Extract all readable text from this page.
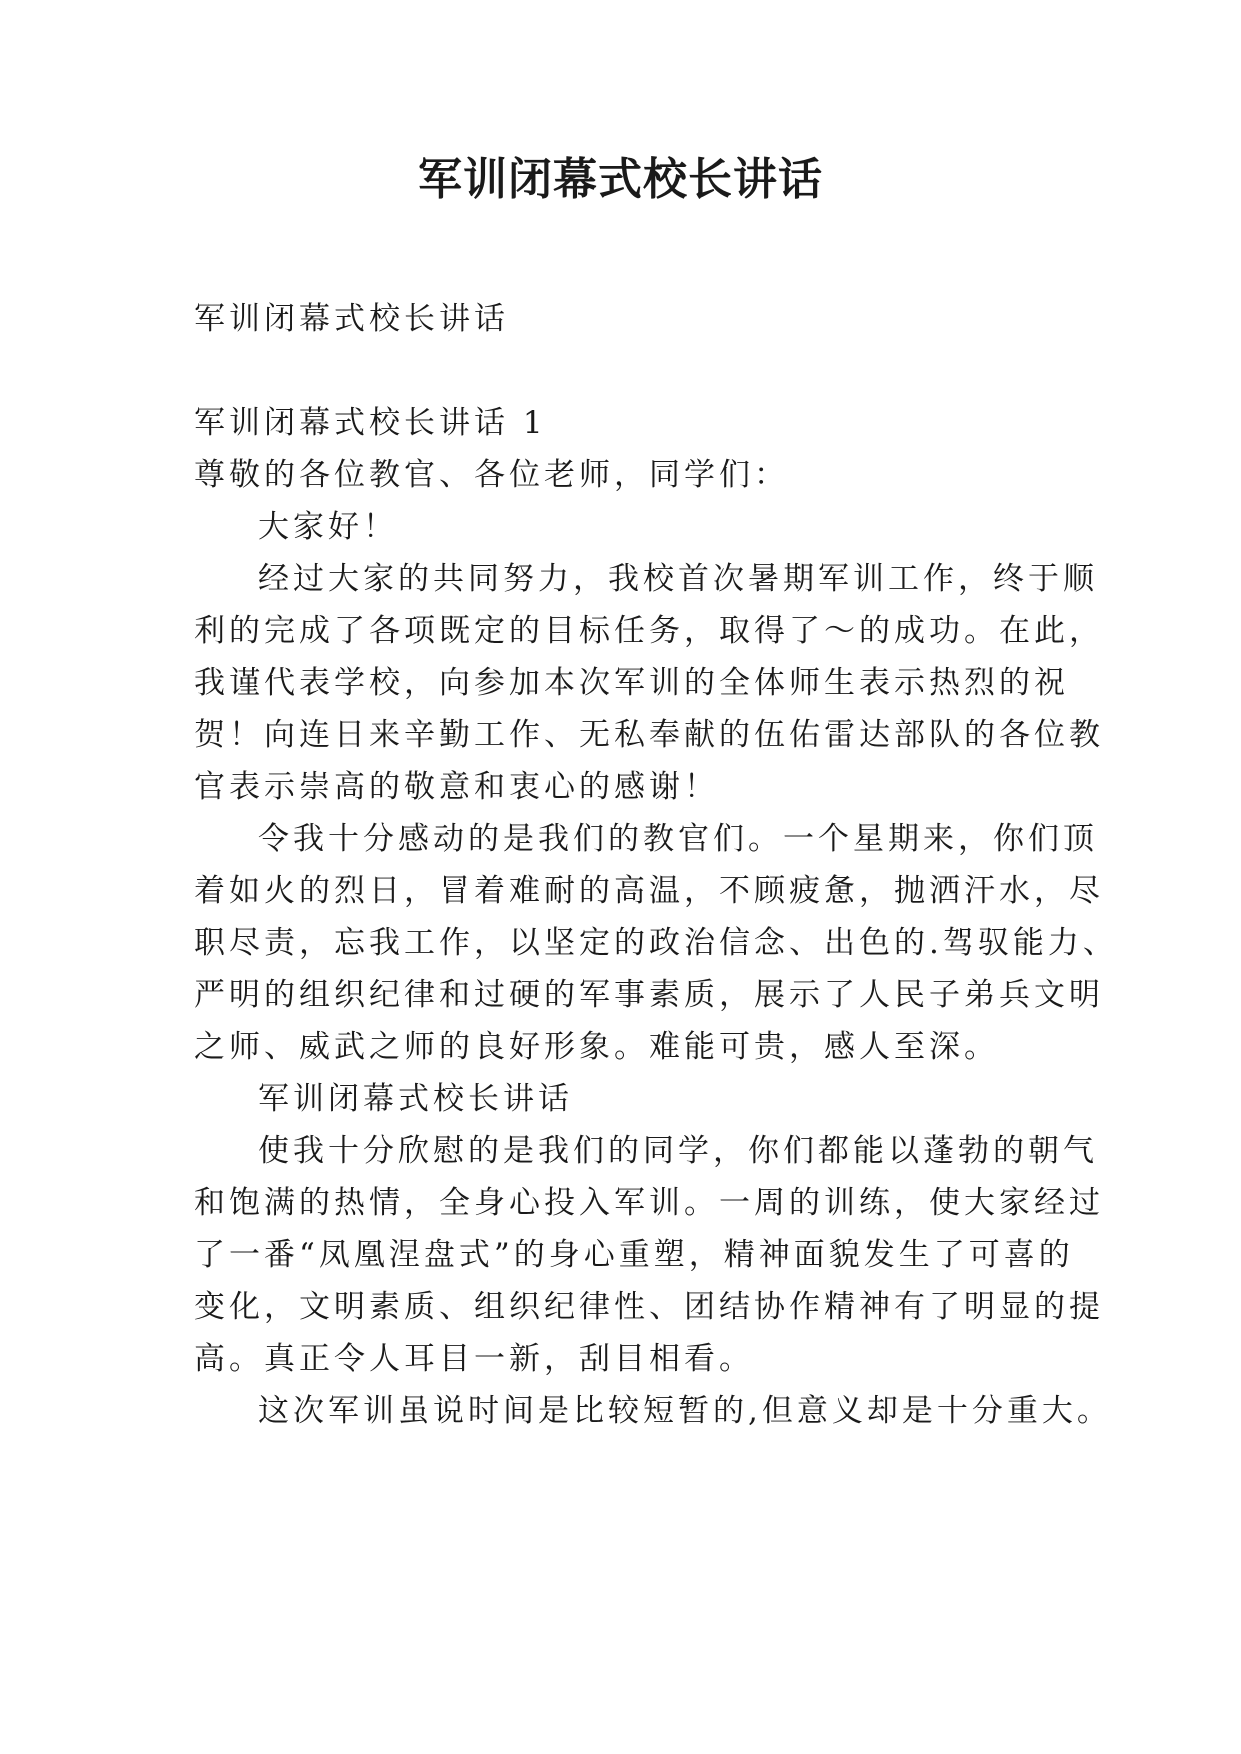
军训闭幕式校长讲话

军训闭幕式校长讲话

军训闭幕式校长讲话 1

尊敬的各位教官、各位老师，同学们：

大家好！

经过大家的共同努力，我校首次暑期军训工作，终于顺

利的完成了各项既定的目标任务，取得了～的成功。在此，

我谨代表学校，向参加本次军训的全体师生表示热烈的祝

贺！向连日来辛勤工作、无私奉献的伍佑雷达部队的各位教

官表示崇高的敬意和衷心的感谢！

令我十分感动的是我们的教官们。一个星期来，你们顶

着如火的烈日，冒着难耐的高温，不顾疲惫，抛洒汗水，尽

职尽责，忘我工作，以坚定的政治信念、出色的.驾驭能力、

严明的组织纪律和过硬的军事素质，展示了人民子弟兵文明

之师、威武之师的良好形象。难能可贵，感人至深。

军训闭幕式校长讲话

使我十分欣慰的是我们的同学，你们都能以蓬勃的朝气

和饱满的热情，全身心投入军训。一周的训练，使大家经过

了一番“凤凰涅盘式”的身心重塑，精神面貌发生了可喜的

变化，文明素质、组织纪律性、团结协作精神有了明显的提

高。真正令人耳目一新，刮目相看。

这次军训虽说时间是比较短暂的,但意义却是十分重大。
